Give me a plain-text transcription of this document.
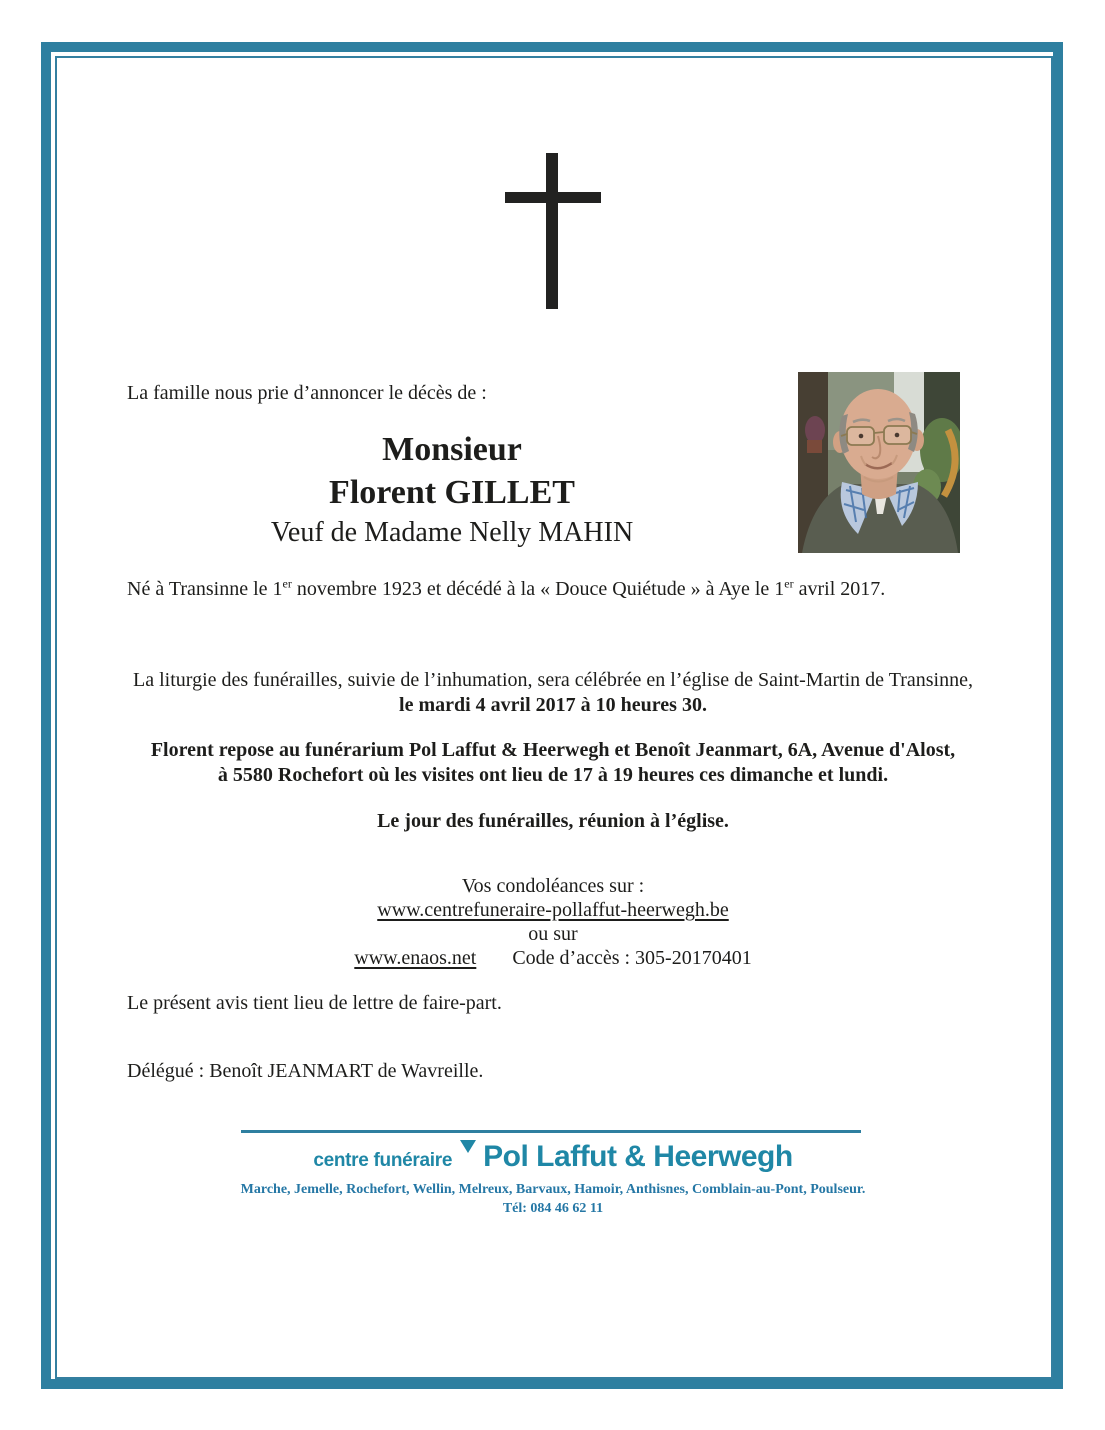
La famille nous prie d’annoncer le décès de :
Monsieur
Florent GILLET
Veuf de Madame Nelly MAHIN
Né à Transinne le 1er novembre 1923 et décédé à la « Douce Quiétude » à Aye le 1er avril 2017.
La liturgie des funérailles, suivie de l’inhumation, sera célébrée en l’église de Saint-Martin de Transinne,
le mardi 4 avril 2017 à 10 heures 30.
Florent repose au funérarium Pol Laffut & Heerwegh et Benoît Jeanmart, 6A, Avenue d'Alost,
à 5580 Rochefort où les visites ont lieu de 17 à 19 heures ces dimanche et lundi.
Le jour des funérailles, réunion à l’église.
Vos condoléances sur :
www.centrefuneraire-pollaffut-heerwegh.be
ou sur
www.enaos.net Code d’accès : 305-20170401
Le présent avis tient lieu de lettre de faire-part.
Délégué : Benoît JEANMART de Wavreille.
centre funéraire Pol Laffut & Heerwegh
Marche, Jemelle, Rochefort, Wellin, Melreux, Barvaux, Hamoir, Anthisnes, Comblain-au-Pont, Poulseur.
Tél: 084 46 62 11
